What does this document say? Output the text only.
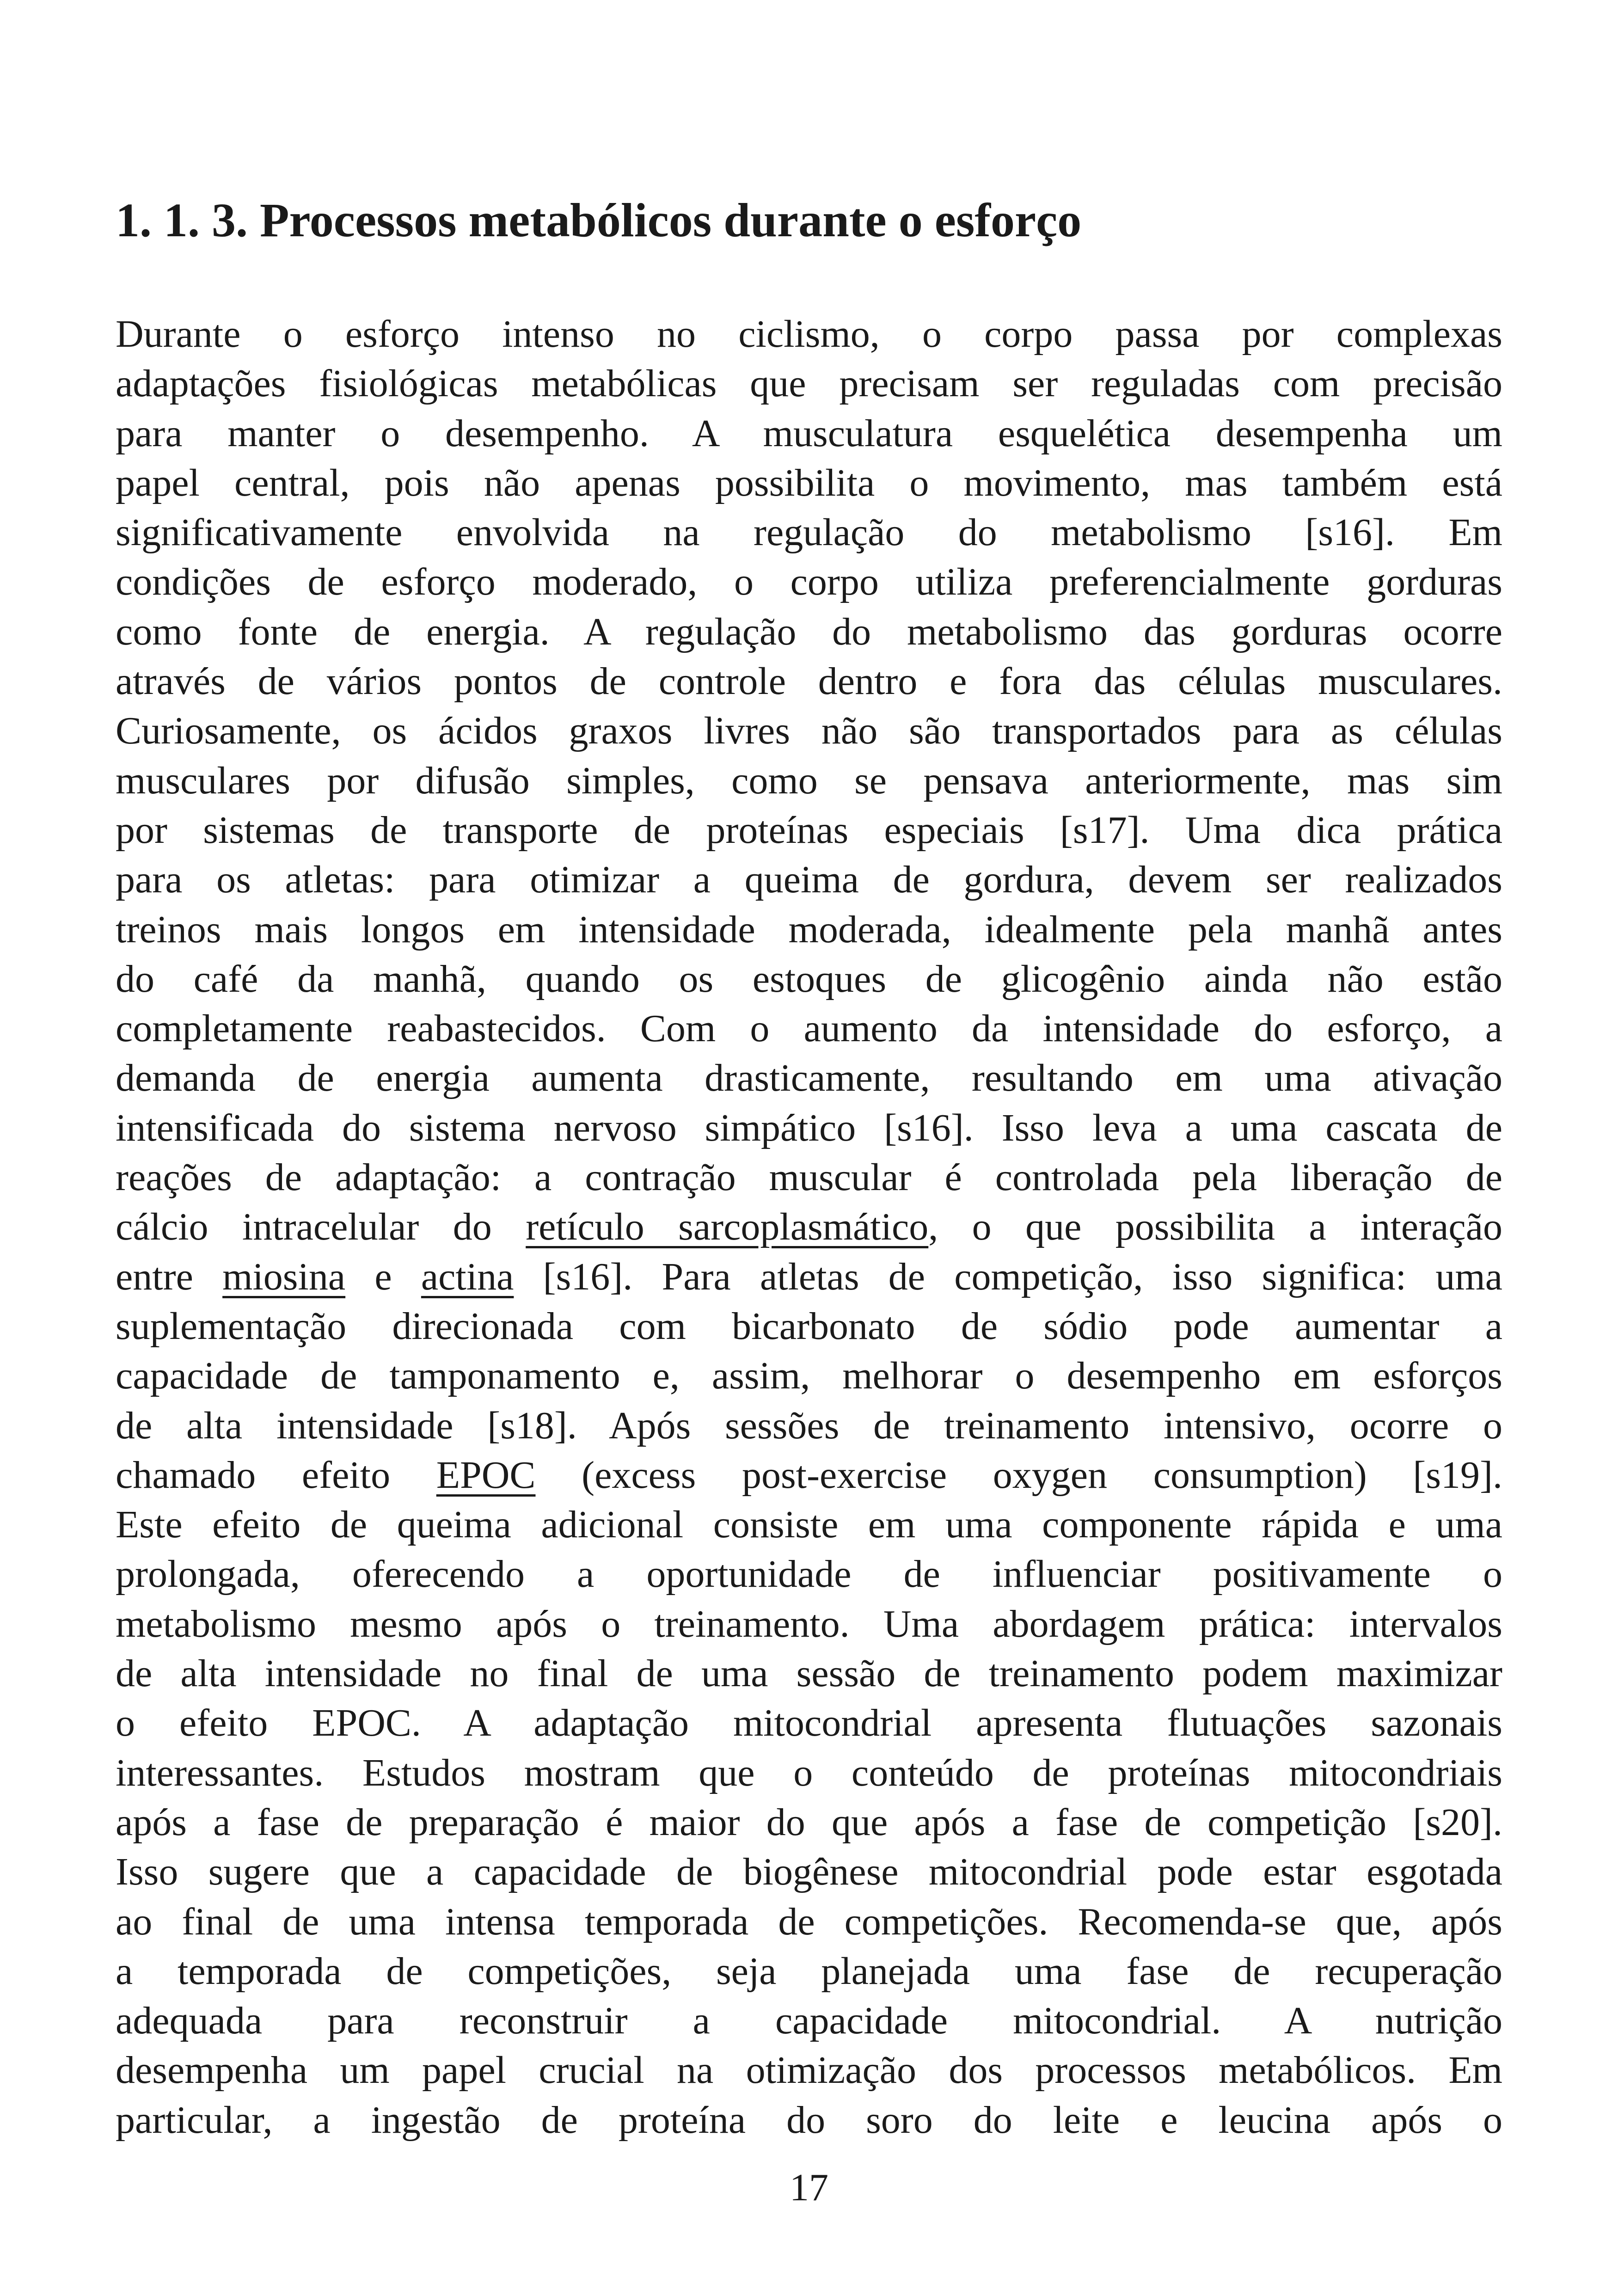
1. 1. 3. Processos metabólicos durante o esforço
Durante o esforço intenso no ciclismo, o corpo passa por complexas
adaptações fisiológicas metabólicas que precisam ser reguladas com precisão
para manter o desempenho. A musculatura esquelética desempenha um
papel central, pois não apenas possibilita o movimento, mas também está
significativamente envolvida na regulação do metabolismo [s16]. Em
condições de esforço moderado, o corpo utiliza preferencialmente gorduras
como fonte de energia. A regulação do metabolismo das gorduras ocorre
através de vários pontos de controle dentro e fora das células musculares.
Curiosamente, os ácidos graxos livres não são transportados para as células
musculares por difusão simples, como se pensava anteriormente, mas sim
por sistemas de transporte de proteínas especiais [s17]. Uma dica prática
para os atletas: para otimizar a queima de gordura, devem ser realizados
treinos mais longos em intensidade moderada, idealmente pela manhã antes
do café da manhã, quando os estoques de glicogênio ainda não estão
completamente reabastecidos. Com o aumento da intensidade do esforço, a
demanda de energia aumenta drasticamente, resultando em uma ativação
intensificada do sistema nervoso simpático [s16]. Isso leva a uma cascata de
reações de adaptação: a contração muscular é controlada pela liberação de
cálcio intracelular do retículo sarcoplasmático, o que possibilita a interação
entre miosina e actina [s16]. Para atletas de competição, isso significa: uma
suplementação direcionada com bicarbonato de sódio pode aumentar a
capacidade de tamponamento e, assim, melhorar o desempenho em esforços
de alta intensidade [s18]. Após sessões de treinamento intensivo, ocorre o
chamado efeito EPOC (excess post-exercise oxygen consumption) [s19].
Este efeito de queima adicional consiste em uma componente rápida e uma
prolongada, oferecendo a oportunidade de influenciar positivamente o
metabolismo mesmo após o treinamento. Uma abordagem prática: intervalos
de alta intensidade no final de uma sessão de treinamento podem maximizar
o efeito EPOC. A adaptação mitocondrial apresenta flutuações sazonais
interessantes. Estudos mostram que o conteúdo de proteínas mitocondriais
após a fase de preparação é maior do que após a fase de competição [s20].
Isso sugere que a capacidade de biogênese mitocondrial pode estar esgotada
ao final de uma intensa temporada de competições. Recomenda-se que, após
a temporada de competições, seja planejada uma fase de recuperação
adequada para reconstruir a capacidade mitocondrial. A nutrição
desempenha um papel crucial na otimização dos processos metabólicos. Em
particular, a ingestão de proteína do soro do leite e leucina após o
17
